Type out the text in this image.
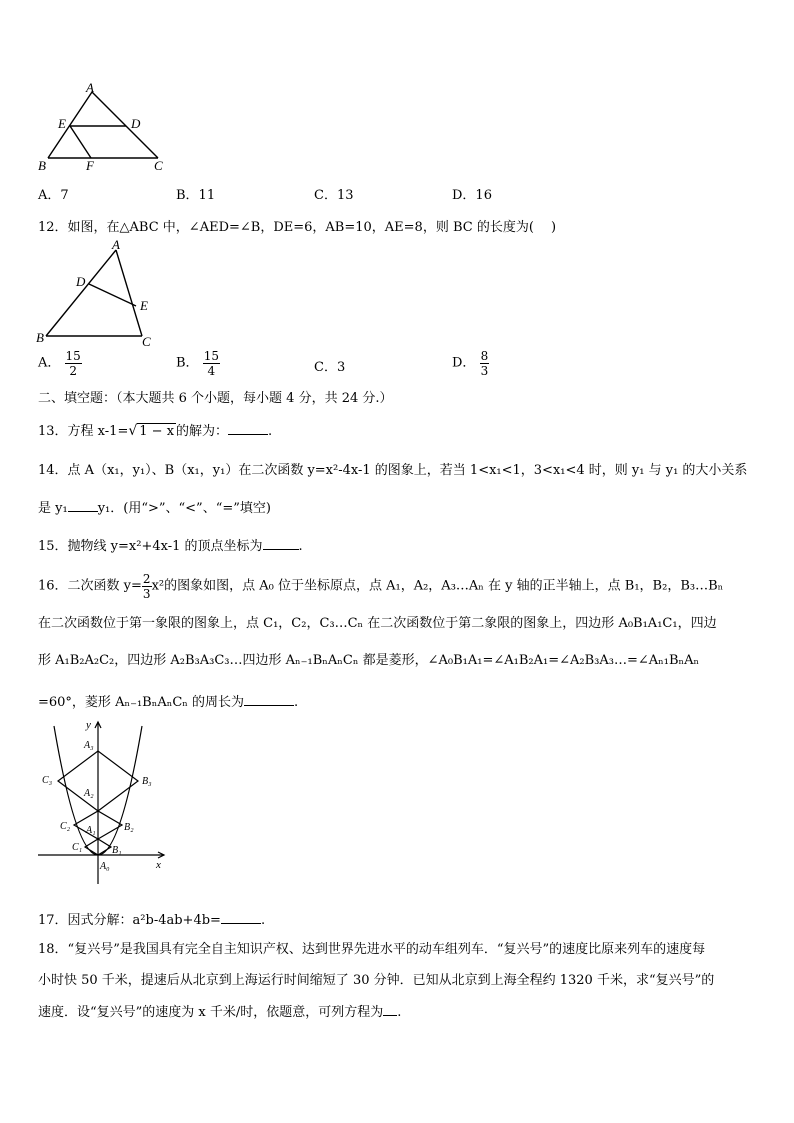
A
E	D
B	F	C
A．7	B．11	C．13	D．16
12．如图，在△ABC 中，∠AED=∠B，DE=6，AB=10，AE=8，则 BC 的长度为(　 )
A
D
E
B	C
A． $\frac{15}{2}$	B． $\frac{15}{4}$	C．3	D． $\frac{8}{3}$
二、填空题：（本大题共 6 个小题，每小题 4 分，共 24 分.）
13．方程 x-1=√ 1 − x 的解为：	.
14．点 A（x₁，y₁）、B（x₁，y₁）在二次函数 y=x²-4x-1 的图象上，若当 1<x₁<1，3<x₁<4 时，则 y₁ 与 y₁ 的大小关系
是 y₁ y₁．(用“>”、“<”、“=”填空)
15．抛物线 y=x²+4x-1 的顶点坐标为	.
16．二次函数 $y= \frac{2}{3} x^2$的图象如图，点 A₀ 位于坐标原点，点 A₁，A₂，A₃…Aₙ 在 y 轴的正半轴上，点 B₁，B₂，B₃…Bₙ
在二次函数位于第一象限的图象上，点 C₁，C₂，C₃…Cₙ 在二次函数位于第二象限的图象上，四边形 A₀B₁A₁C₁，四边
形 A₁B₂A₂C₂，四边形 A₂B₃A₃C₃…四边形 Aₙ₋₁BₙAₙCₙ 都是菱形，∠A₀B₁A₁=∠A₁B₂A₁=∠A₂B₃A₃…=∠Aₙ₁BₙAₙ
=60°，菱形 Aₙ₋₁BₙAₙCₙ 的周长为	.
y
x
A₃
A₂
A₁
A₀
B₃
B₂
B₁
C₃
C₂
C₁
17．因式分解：a²b-4ab+4b=	.
18．“复兴号”是我国具有完全自主知识产权、达到世界先进水平的动车组列车．“复兴号”的速度比原来列车的速度每
小时快 50 千米，提速后从北京到上海运行时间缩短了 30 分钟．已知从北京到上海全程约 1320 千米，求“复兴号”的
速度．设“复兴号”的速度为 x 千米/时，依题意，可列方程为 .
